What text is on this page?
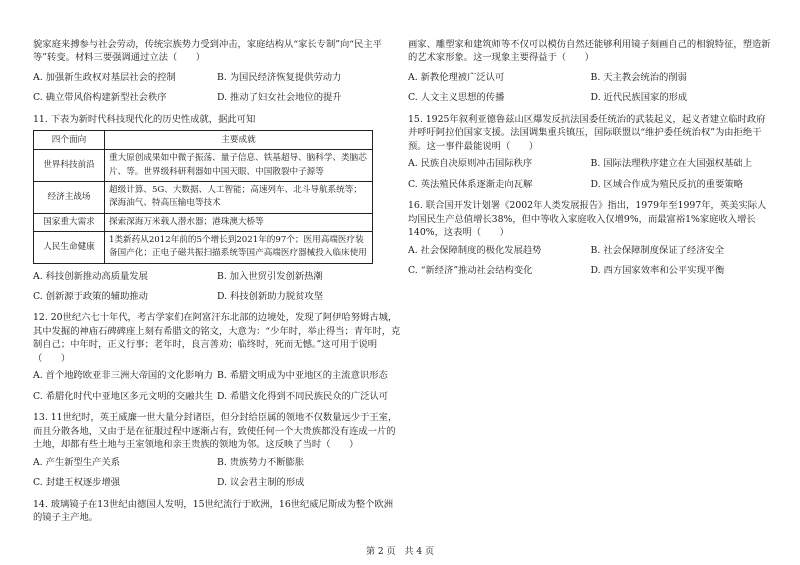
貌家庭来搏参与社会劳动，传统宗族势力受到冲击，家庭结构从“家长专制”向“民主平等”转变。材料三要强调通过立法（　　）

A. 加强新生政权对基层社会的控制	B. 为国民经济恢复提供劳动力
C. 确立带风俗构建新型社会秩序	D. 推动了妇女社会地位的提升

11. 下表为新时代科技现代化的历史性成就，据此可知

四个面向	主要成就
世界科技前沿	重大原创成果如中微子振荡、量子信息、铁基超导、脑科学、类脑芯片、等。世界级科研利器如中国天眼、中国散裂中子源等
经济主战场	超级计算、5G、大数据、人工智能；高速列车、北斗导航系统等；深海油气、特高压输电等技术
国家重大需求	探索深海万米载人潜水器；港珠澳大桥等
人民生命健康	1类新药从2012年前的5个增长到2021年的97个；医用高端医疗装备国产化；正电子磁共振扫描系统等国产高端医疗器械投入临床使用
A. 科技创新推动高质量发展	B. 加入世贸引发创新热潮
C. 创新源于政策的辅助推动	D. 科技创新助力脱贫攻坚

12. 20世纪六七十年代，考古学家们在阿富汗东北部的边境处，发现了阿伊哈努姆古城，其中发掘的神庙石碑碑座上刻有希腊文的铭文，大意为：“少年时，举止得当；青年时，克制自己；中年时，正义行事；老年时，良言善劝；临终时，死而无憾。”这可用于说明（　　）

A. 首个地跨欧亚非三洲大帝国的文化影响力 B. 希腊文明成为中亚地区的主流意识形态
C. 希腊化时代中亚地区多元文明的交融共生 D. 希腊文化得到不同民族民众的广泛认可

13. 11世纪时，英王威廉一世大量分封诸臣，但分封给臣属的领地不仅数量远少于王室，而且分散各地，又由于是在征服过程中逐渐占有，致使任何一个大贵族都没有连成一片的土地，却都有些土地与王室领地和亲王贵族的领地为邻。这反映了当时（　　）

A. 产生新型生产关系	B. 贵族势力不断膨胀
C. 封建王权逐步增强	D. 议会君主制的形成

14. 玻璃镜子在13世纪由德国人发明，15世纪流行于欧洲，16世纪威尼斯成为整个欧洲的镜子主产地。

画家、雕塑家和建筑师等不仅可以模仿自然还能够利用镜子刻画自己的相貌特征，塑造新的艺术家形象。这一现象主要得益于（　　）

A. 新教伦理被广泛认可	B. 天主教会统治的削弱
C. 人文主义思想的传播	D. 近代民族国家的形成

15. 1925年叙利亚德鲁兹山区爆发反抗法国委任统治的武装起义，起义者建立临时政府并呼吁阿拉伯国家支援。法国调集重兵镇压，国际联盟以“维护委任统治权”为由拒绝干预。这一事件最能说明（　　）

A. 民族自决原则冲击国际秩序	B. 国际法理秩序建立在大国强权基础上
C. 英法殖民体系逐渐走向瓦解	D. 区域合作成为殖民反抗的重要策略

16. 联合国开发计划署《2002年人类发展报告》指出，1979年至1997年，英美实际人均国民生产总值增长38%，但中等收入家庭收入仅增9%，而最富裕1%家庭收入增长140%，这表明（　　）

A. 社会保障制度的极化发展趋势	B. 社会保障制度保证了经济安全
C. “新经济”推动社会结构变化	D. 西方国家效率和公平实现平衡
第 2 页　共 4 页
